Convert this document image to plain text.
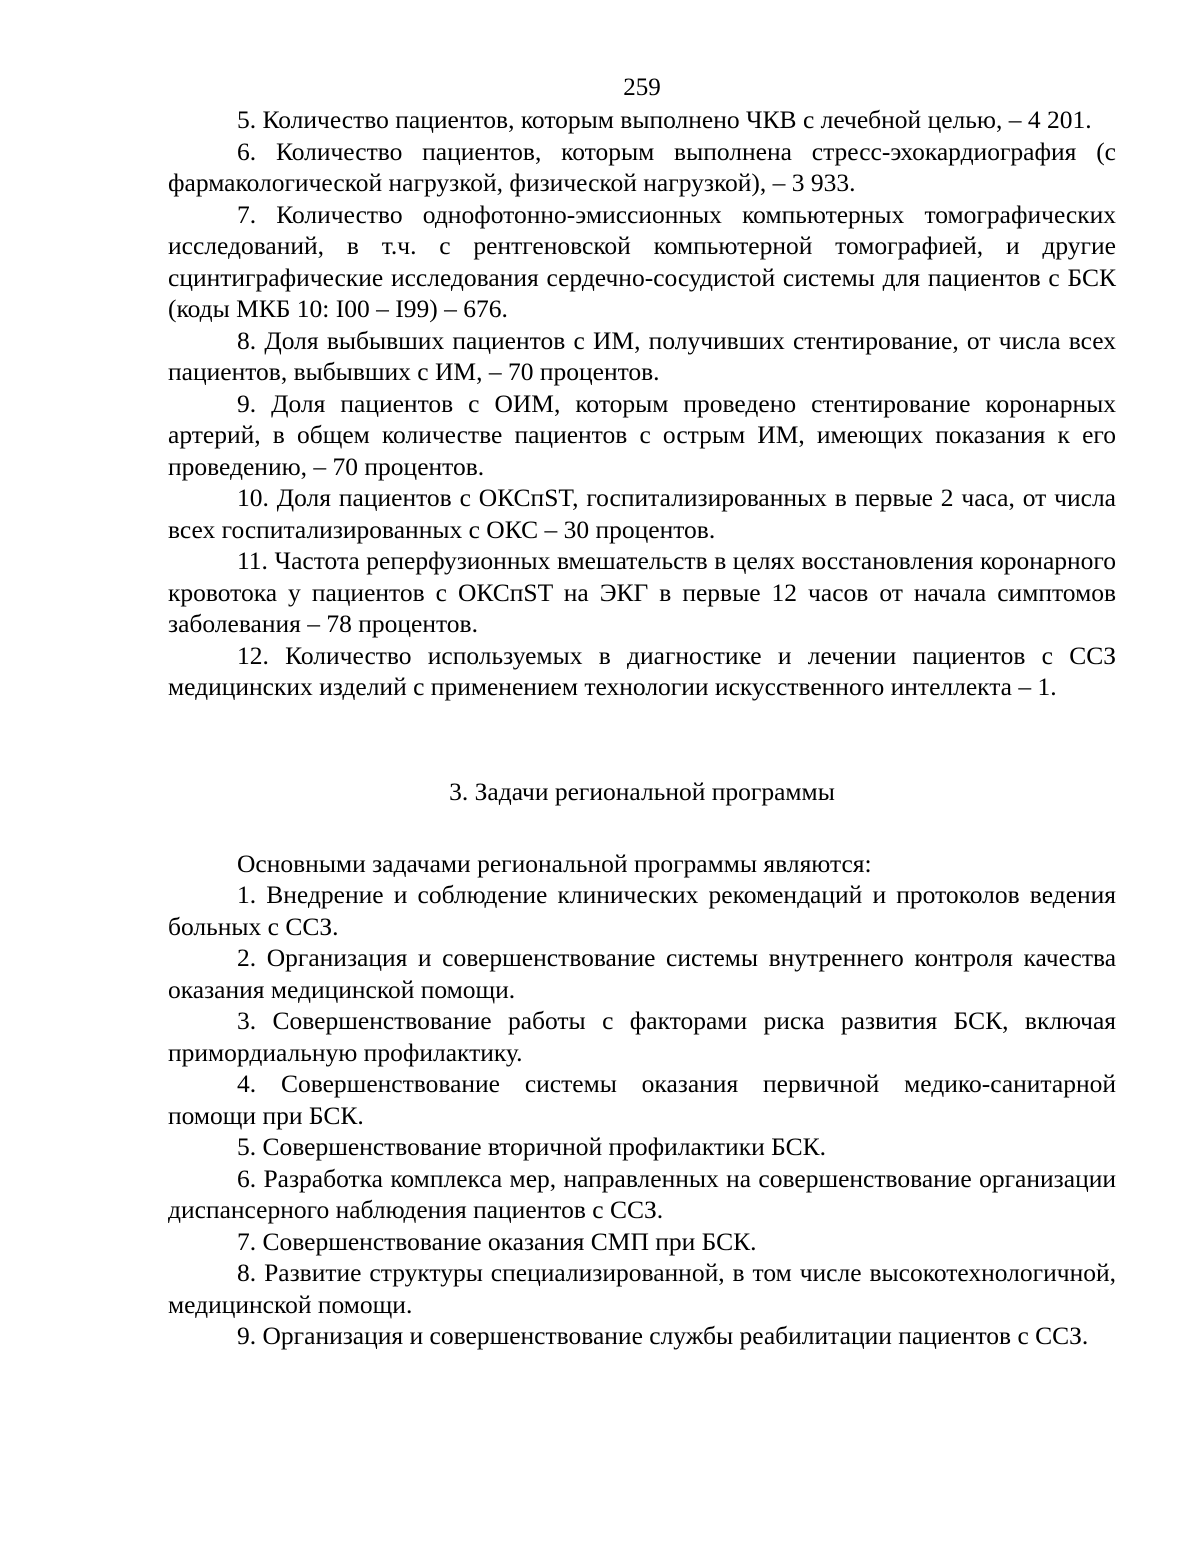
259

5. Количество пациентов, которым выполнено ЧКВ с лечебной целью, – 4 201.

6. Количество пациентов, которым выполнена стресс-эхокардиография (с фармакологической нагрузкой, физической нагрузкой), – 3 933.

7. Количество однофотонно-эмиссионных компьютерных томографических исследований, в т.ч. с рентгеновской компьютерной томографией, и другие сцинтиграфические исследования сердечно-сосудистой системы для пациентов с БСК (коды МКБ 10: I00 – I99) – 676.

8. Доля выбывших пациентов с ИМ, получивших стентирование, от числа всех пациентов, выбывших с ИМ, – 70 процентов.

9. Доля пациентов с ОИМ, которым проведено стентирование коронарных артерий, в общем количестве пациентов с острым ИМ, имеющих показания к его проведению, – 70 процентов.

10. Доля пациентов с ОКСпST, госпитализированных в первые 2 часа, от числа всех госпитализированных с ОКС – 30 процентов.

11. Частота реперфузионных вмешательств в целях восстановления коронарного кровотока у пациентов с ОКСпST на ЭКГ в первые 12 часов от начала симптомов заболевания – 78 процентов.

12. Количество используемых в диагностике и лечении пациентов с ССЗ медицинских изделий с применением технологии искусственного интеллекта – 1.

3. Задачи региональной программы

Основными задачами региональной программы являются:

1. Внедрение и соблюдение клинических рекомендаций и протоколов ведения больных с ССЗ.

2. Организация и совершенствование системы внутреннего контроля качества оказания медицинской помощи.

3. Совершенствование работы с факторами риска развития БСК, включая примордиальную профилактику.

4. Совершенствование системы оказания первичной медико-санитарной помощи при БСК.

5. Совершенствование вторичной профилактики БСК.

6. Разработка комплекса мер, направленных на совершенствование организации диспансерного наблюдения пациентов с ССЗ.

7. Совершенствование оказания СМП при БСК.

8. Развитие структуры специализированной, в том числе высокотехнологичной, медицинской помощи.

9. Организация и совершенствование службы реабилитации пациентов с ССЗ.
